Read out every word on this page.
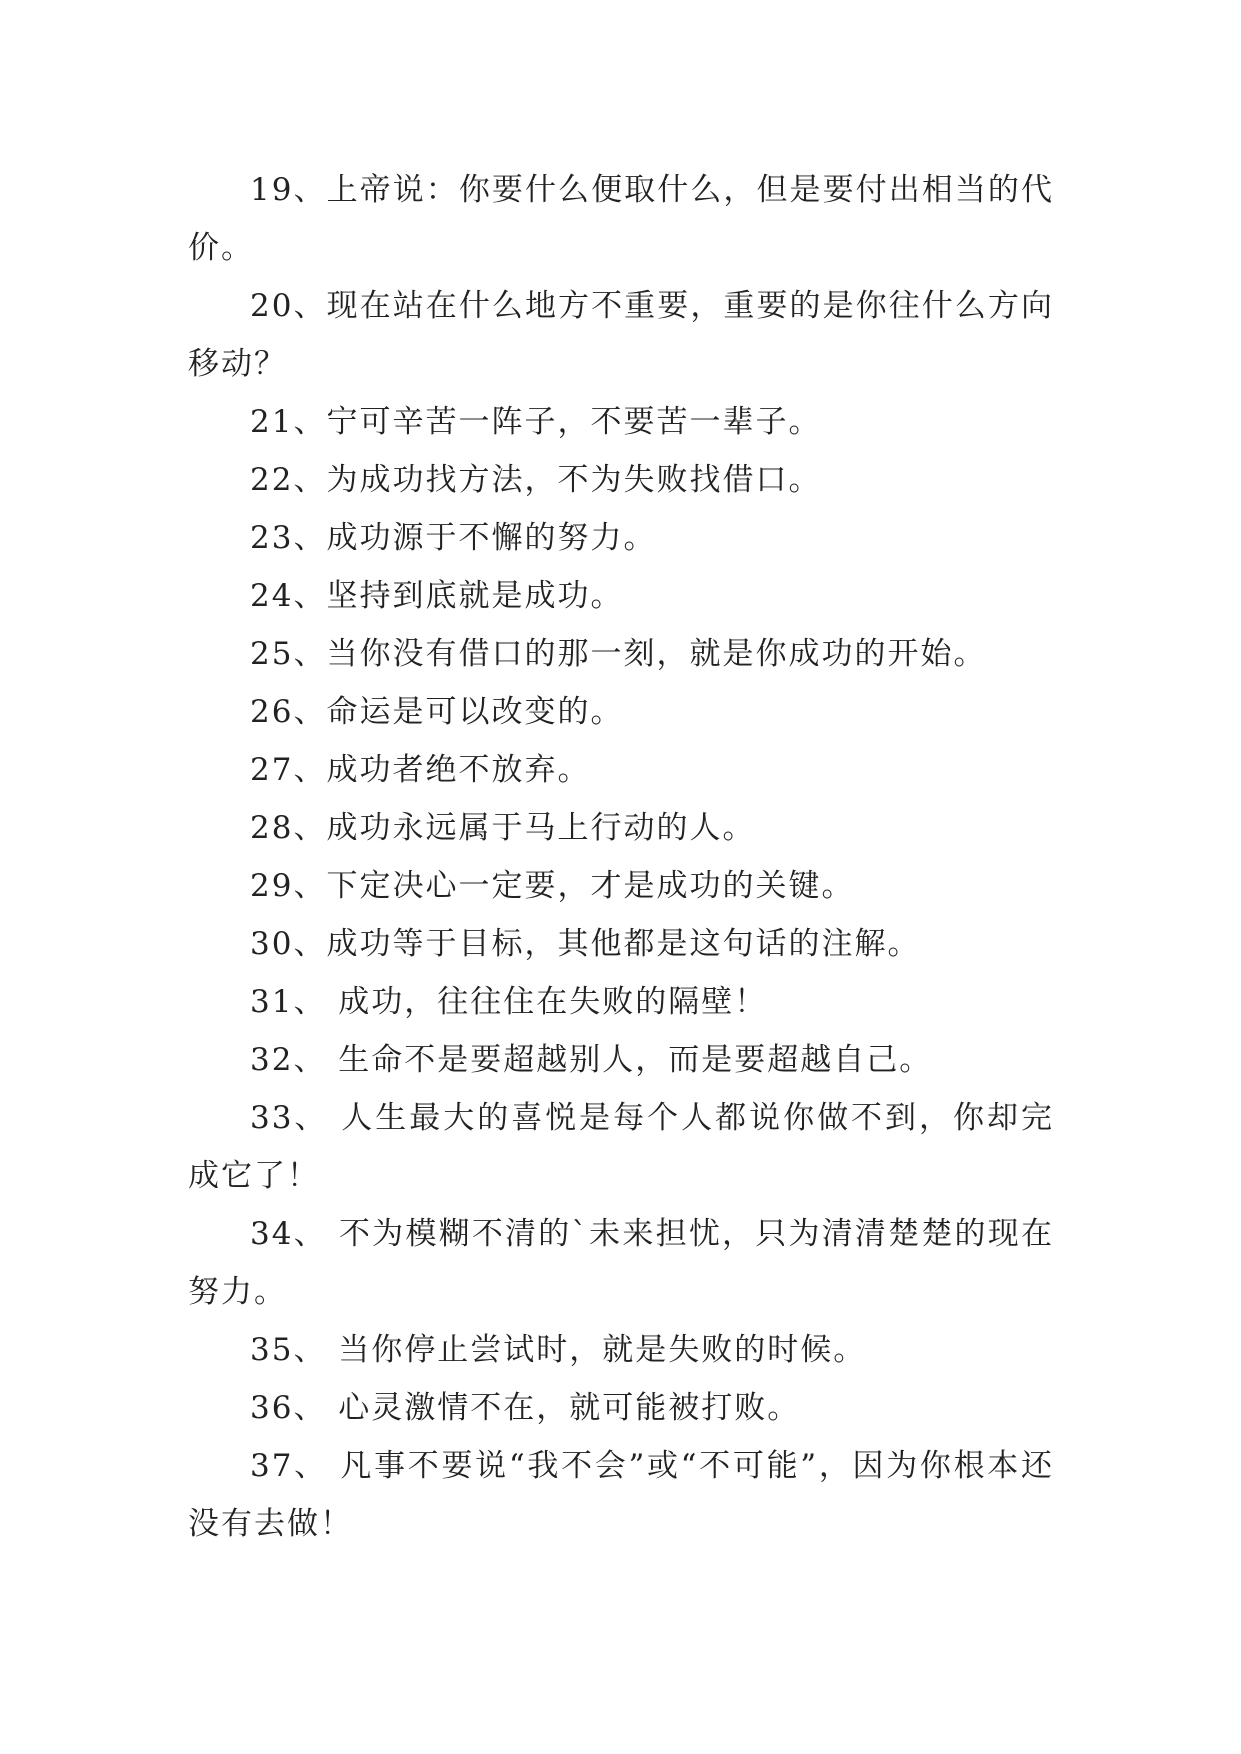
19、上帝说：你要什么便取什么，但是要付出相当的代价。

20、现在站在什么地方不重要，重要的是你往什么方向移动？

21、宁可辛苦一阵子，不要苦一辈子。

22、为成功找方法，不为失败找借口。

23、成功源于不懈的努力。

24、坚持到底就是成功。

25、当你没有借口的那一刻，就是你成功的开始。

26、命运是可以改变的。

27、成功者绝不放弃。

28、成功永远属于马上行动的人。

29、下定决心一定要，才是成功的关键。

30、成功等于目标，其他都是这句话的注解。

31、 成功，往往住在失败的隔壁！

32、 生命不是要超越别人，而是要超越自己。

33、 人生最大的喜悦是每个人都说你做不到，你却完成它了！

34、 不为模糊不清的`未来担忧，只为清清楚楚的现在努力。

35、 当你停止尝试时，就是失败的时候。

36、 心灵激情不在，就可能被打败。

37、 凡事不要说“我不会”或“不可能”，因为你根本还没有去做！
